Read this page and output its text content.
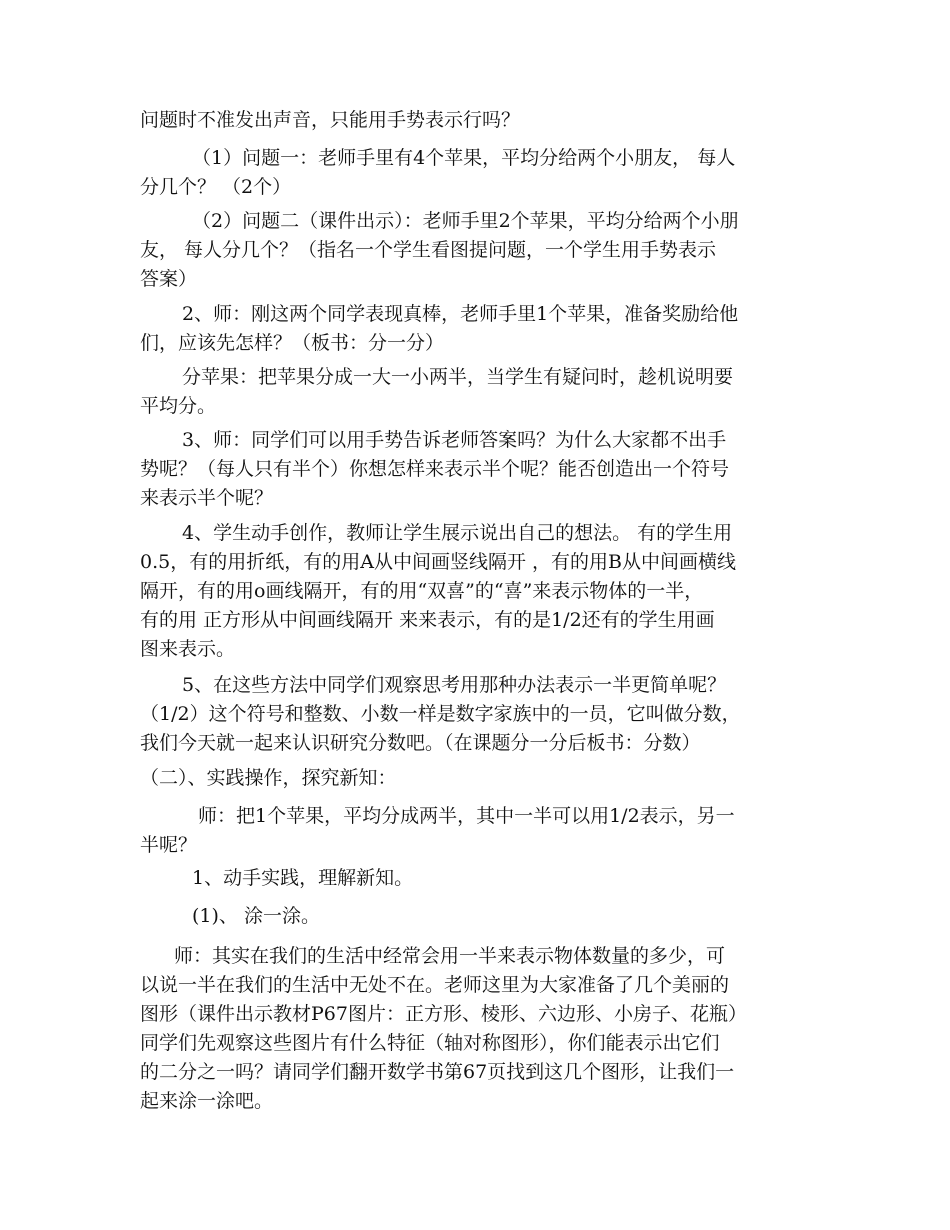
问题时不准发出声音，只能用手势表示行吗？
（1）问题一：老师手里有4个苹果，平均分给两个小朋友， 每人
分几个？ （2个）
（2）问题二（课件出示）：老师手里2个苹果，平均分给两个小朋
友， 每人分几个？（指名一个学生看图提问题，一个学生用手势表示
答案）
2、师：刚这两个同学表现真棒，老师手里1个苹果，准备奖励给他
们，应该先怎样？（板书：分一分）
分苹果：把苹果分成一大一小两半，当学生有疑问时，趁机说明要
平均分。
3、师：同学们可以用手势告诉老师答案吗？为什么大家都不出手
势呢？（每人只有半个）你想怎样来表示半个呢？能否创造出一个符号
来表示半个呢？
4、学生动手创作，教师让学生展示说出自己的想法。 有的学生用
0.5，有的用折纸，有的用A从中间画竖线隔开 ，有的用B从中间画横线
隔开，有的用o画线隔开，有的用“双喜”的“喜”来表示物体的一半，
有的用 正方形从中间画线隔开 来来表示，有的是1/2还有的学生用画
图来表示。
5、在这些方法中同学们观察思考用那种办法表示一半更简单呢？
（1/2）这个符号和整数、小数一样是数字家族中的一员，它叫做分数，
我们今天就一起来认识研究分数吧。（在课题分一分后板书：分数）
（二）、实践操作，探究新知：
师：把1个苹果，平均分成两半，其中一半可以用1/2表示，另一
半呢？
1、动手实践，理解新知。
(1)、 涂一涂。
师：其实在我们的生活中经常会用一半来表示物体数量的多少，可
以说一半在我们的生活中无处不在。老师这里为大家准备了几个美丽的
图形（课件出示教材P67图片：正方形、棱形、六边形、小房子、花瓶）
同学们先观察这些图片有什么特征（轴对称图形），你们能表示出它们
的二分之一吗？请同学们翻开数学书第67页找到这几个图形，让我们一
起来涂一涂吧。
